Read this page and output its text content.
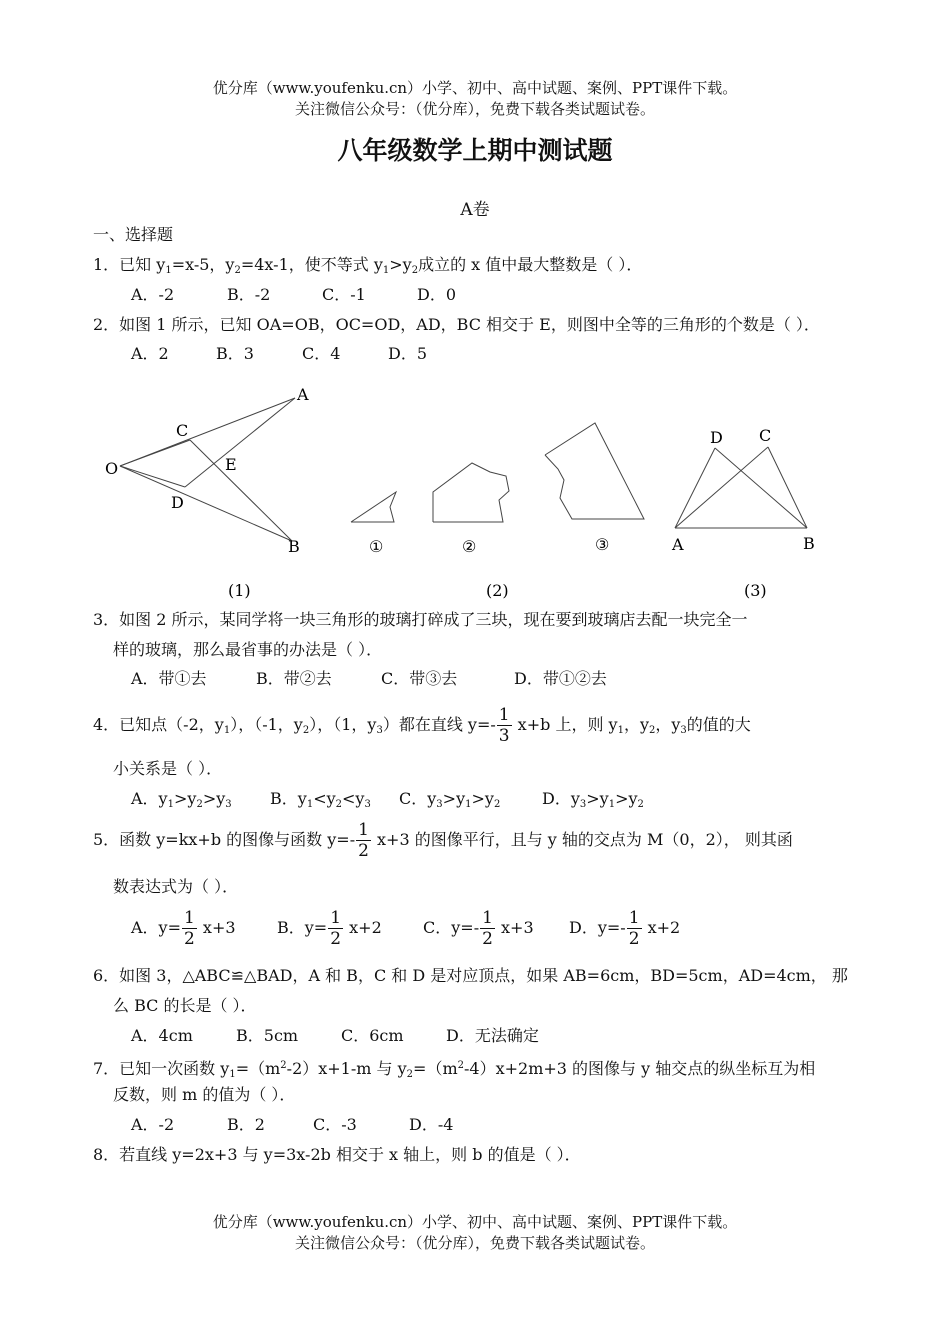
优分库（www.youfenku.cn）小学、初中、高中试题、案例、PPT课件下载。
关注微信公众号：（优分库），免费下载各类试题试卷。
八年级数学上期中测试题
A卷
一、选择题
1．已知 $y_1=x-5$，$y_2=4x-1$，使不等式 $y_1>y_2$成立的 x 值中最大整数是（ ）．
A．-2	B．-2	C．-1	D．0
2．如图 1 所示，已知 OA=OB，OC=OD，AD，BC 相交于 E，则图中全等的三角形的个数是（ ）．
A．2	B．3	C．4	D．5
A
C
O	E
D
B	①	②	③
D C
A	B
(1)	(2)	(3)
3．如图 2 所示，某同学将一块三角形的玻璃打碎成了三块，现在要到玻璃店去配一块完全一
样的玻璃，那么最省事的办法是（ ）．
A．带①去	B．带②去	C．带③去	D．带①②去
4．已知点（-2，$y_1$），（-1，$y_2$），（1，$y_3$）都在直线 $y=- \frac{1}{3} x+b$ 上，则 $y_1$，$y_2$，$y_3$的值的大
小关系是（ ）．
A．$y_1>y_2>y_3$ B．$y_1<y_2<y_3$ C．$y_3>y_1>y_2$	D．$y_3>y_1>y_2$
5．函数 y=kx+b 的图像与函数 $y=- \frac{1}{2} x+3$ 的图像平行，且与 y 轴的交点为 M（0，2）， 则其函
数表达式为（ ）．
A．$y= \frac{1}{2} x+3$	B．$y= \frac{1}{2} x+2$	C．$y=- \frac{1}{2} x+3$ D．$y=- \frac{1}{2} x+2$
6．如图 3，△ABC≌△BAD，A 和 B，C 和 D 是对应顶点，如果 AB=6cm，BD=5cm，AD=4cm， 那
么 BC 的长是（ ）．
A．4cm	B．5cm	C．6cm	D．无法确定
7．已知一次函数 $y_1=(m^2-2)x+1-m$ 与 $y_2=(m^2-4)x+2m+3$ 的图像与 y 轴交点的纵坐标互为相
反数，则 m 的值为（ ）．
A．-2	B．2	C．-3	D．-4
8．若直线 y=2x+3 与 y=3x-2b 相交于 x 轴上，则 b 的值是（ ）．
优分库（www.youfenku.cn）小学、初中、高中试题、案例、PPT课件下载。
关注微信公众号：（优分库），免费下载各类试题试卷。
